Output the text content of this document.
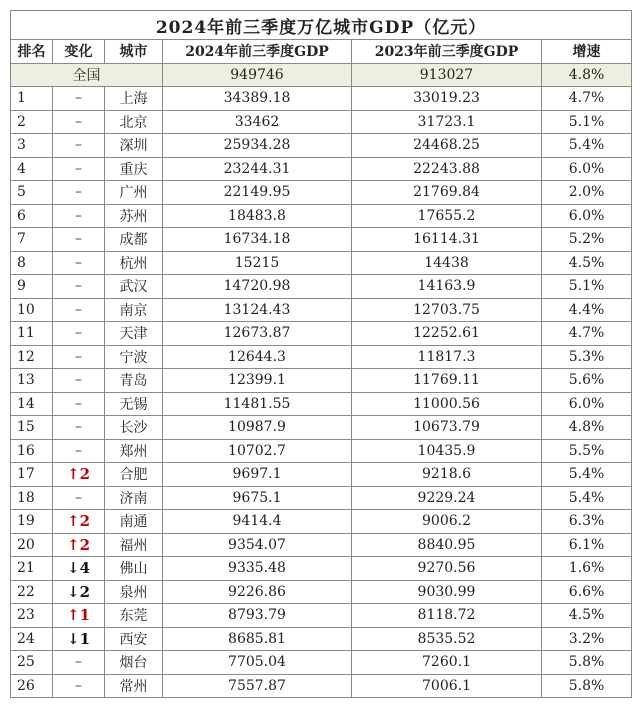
2024年前三季度万亿城市GDP（亿元）					
排名	变化	城市	2024年前三季度GDP	2023年前三季度GDP	增速
全国			949746	913027	4.8%
1	–	上海	34389.18	33019.23	4.7%
2	–	北京	33462	31723.1	5.1%
3	–	深圳	25934.28	24468.25	5.4%
4	–	重庆	23244.31	22243.88	6.0%
5	–	广州	22149.95	21769.84	2.0%
6	–	苏州	18483.8	17655.2	6.0%
7	–	成都	16734.18	16114.31	5.2%
8	–	杭州	15215	14438	4.5%
9	–	武汉	14720.98	14163.9	5.1%
10	–	南京	13124.43	12703.75	4.4%
11	–	天津	12673.87	12252.61	4.7%
12	–	宁波	12644.3	11817.3	5.3%
13	–	青岛	12399.1	11769.11	5.6%
14	–	无锡	11481.55	11000.56	6.0%
15	–	长沙	10987.9	10673.79	4.8%
16	–	郑州	10702.7	10435.9	5.5%
17	↑2	合肥	9697.1	9218.6	5.4%
18	–	济南	9675.1	9229.24	5.4%
19	↑2	南通	9414.4	9006.2	6.3%
20	↑2	福州	9354.07	8840.95	6.1%
21	↓4	佛山	9335.48	9270.56	1.6%
22	↓2	泉州	9226.86	9030.99	6.6%
23	↑1	东莞	8793.79	8118.72	4.5%
24	↓1	西安	8685.81	8535.52	3.2%
25	–	烟台	7705.04	7260.1	5.8%
26	–	常州	7557.87	7006.1	5.8%
